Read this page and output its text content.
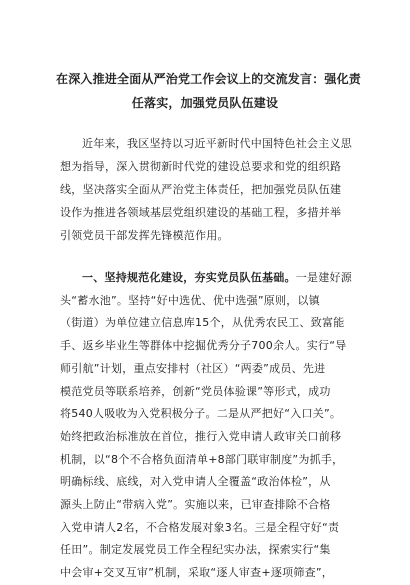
在深入推进全面从严治党工作会议上的交流发言：强化责
任落实，加强党员队伍建设
近年来，我区坚持以习近平新时代中国特色社会主义思
想为指导，深入贯彻新时代党的建设总要求和党的组织路
线，坚决落实全面从严治党主体责任，把加强党员队伍建
设作为推进各领域基层党组织建设的基础工程，多措并举
引领党员干部发挥先锋模范作用。
一、坚持规范化建设，夯实党员队伍基础。一是建好源
头“蓄水池”。坚持“好中选优、优中选强”原则，以镇
（街道）为单位建立信息库15个，从优秀农民工、致富能
手、返乡毕业生等群体中挖掘优秀分子700余人。实行“导
师引航”计划，重点安排村（社区）“两委”成员、先进
模范党员等联系培养，创新“党员体验课”等形式，成功
将540人吸收为入党积极分子。二是从严把好“入口关”。
始终把政治标准放在首位，推行入党申请人政审关口前移
机制，以“8个不合格负面清单+8部门联审制度”为抓手，
明确标线、底线，对入党申请人全覆盖“政治体检”，从
源头上防止“带病入党”。实施以来，已审查排除不合格
入党申请人2名，不合格发展对象3名。三是全程守好“责
任田”。制定发展党员工作全程纪实办法，探索实行“集
中会审+交叉互审”机制，采取“逐人审查+逐项筛查”，
